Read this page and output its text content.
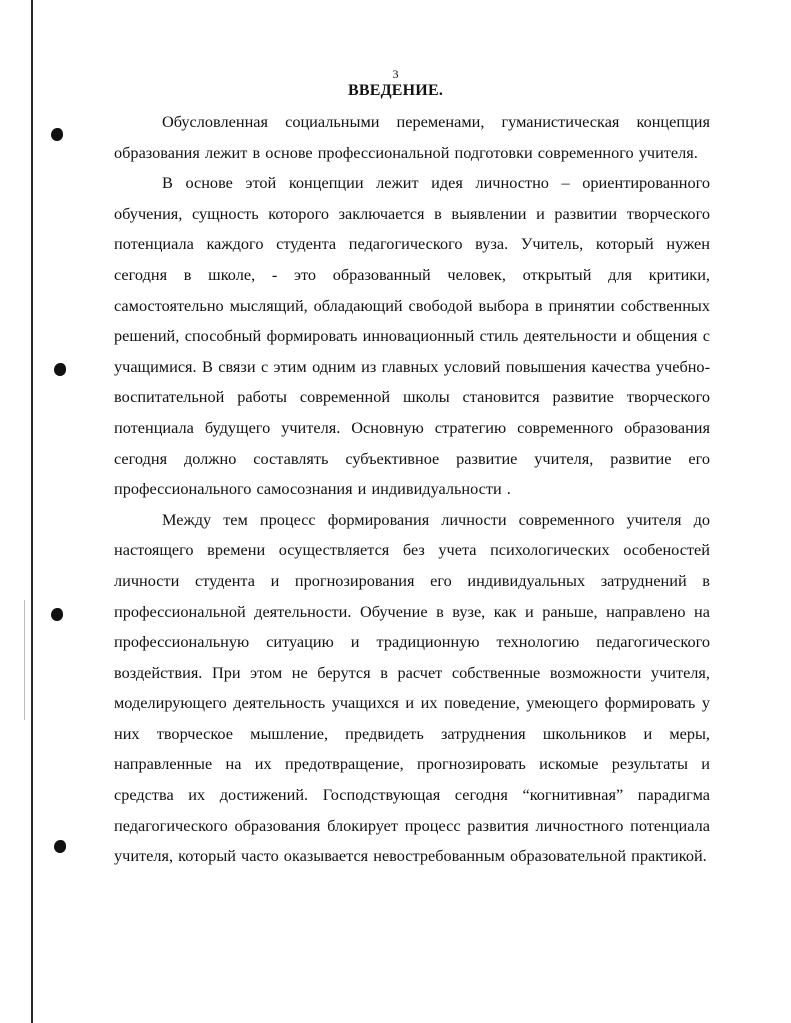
3
ВВЕДЕНИЕ.

Обусловленная социальными переменами, гуманистическая концепция образования лежит в основе профессиональной подготовки современного учителя.

В основе этой концепции лежит идея личностно – ориентированного обучения, сущность которого заключается в выявлении и развитии творческого потенциала каждого студента педагогического вуза. Учитель, который нужен сегодня в школе, - это образованный человек, открытый для критики, самостоятельно мыслящий, обладающий свободой выбора в принятии собственных решений, способный формировать инновационный стиль деятельности и общения с учащимися. В связи с этим одним из главных условий повышения качества учебно-воспитательной работы современной школы становится развитие творческого потенциала будущего учителя. Основную стратегию современного образования сегодня должно составлять субъективное развитие учителя, развитие его профессионального самосознания и индивидуальности .

Между тем процесс формирования личности современного учителя до настоящего времени осуществляется без учета психологических особеностей личности студента и прогнозирования его индивидуальных затруднений в профессиональной деятельности. Обучение в вузе, как и раньше, направлено на профессиональную ситуацию и традиционную технологию педагогического воздействия. При этом не берутся в расчет собственные возможности учителя, моделирующего деятельность учащихся и их поведение, умеющего формировать у них творческое мышление, предвидеть затруднения школьников и меры, направленные на их предотвращение, прогнозировать искомые результаты и средства их достижений. Господствующая сегодня “когнитивная” парадигма педагогического образования блокирует процесс развития личностного потенциала учителя, который часто оказывается невостребованным образовательной практикой.
